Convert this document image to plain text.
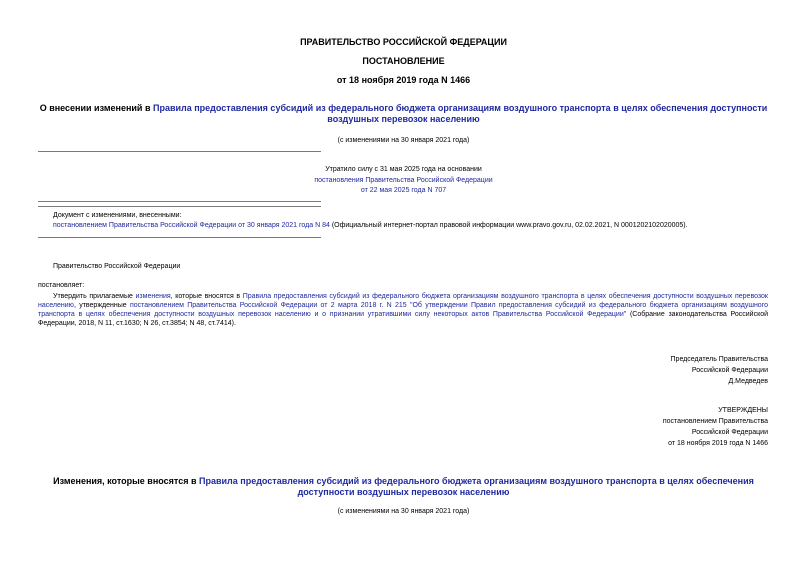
ПРАВИТЕЛЬСТВО РОССИЙСКОЙ ФЕДЕРАЦИИ
ПОСТАНОВЛЕНИЕ
от 18 ноября 2019 года N 1466
О внесении изменений в Правила предоставления субсидий из федерального бюджета организациям воздушного транспорта в целях обеспечения доступности
воздушных перевозок населению
(с изменениями на 30 января 2021 года)
Утратило силу с 31 мая 2025 года на основании
постановления Правительства Российской Федерации
от 22 мая 2025 года N 707
Документ с изменениями, внесенными:
постановлением Правительства Российской Федерации от 30 января 2021 года N 84 (Официальный интернет-портал правовой информации www.pravo.gov.ru, 02.02.2021, N 0001202102020005).
Правительство Российской Федерации
постановляет:
Утвердить прилагаемые изменения, которые вносятся в Правила предоставления субсидий из федерального бюджета организациям воздушного транспорта в целях обеспечения доступности воздушных перевозок населению, утвержденные постановлением Правительства Российской Федерации от 2 марта 2018 г. N 215 "Об утверждении Правил предоставления субсидий из федерального бюджета организациям воздушного транспорта в целях обеспечения доступности воздушных перевозок населению и о признании утратившими силу некоторых актов Правительства Российской Федерации" (Собрание законодательства Российской Федерации, 2018, N 11, ст.1630; N 26, ст.3854; N 48, ст.7414).
Председатель Правительства
Российской Федерации
Д.Медведев
УТВЕРЖДЕНЫ
постановлением Правительства
Российской Федерации
от 18 ноября 2019 года N 1466
Изменения, которые вносятся в Правила предоставления субсидий из федерального бюджета организациям воздушного транспорта в целях обеспечения
доступности воздушных перевозок населению
(с изменениями на 30 января 2021 года)
